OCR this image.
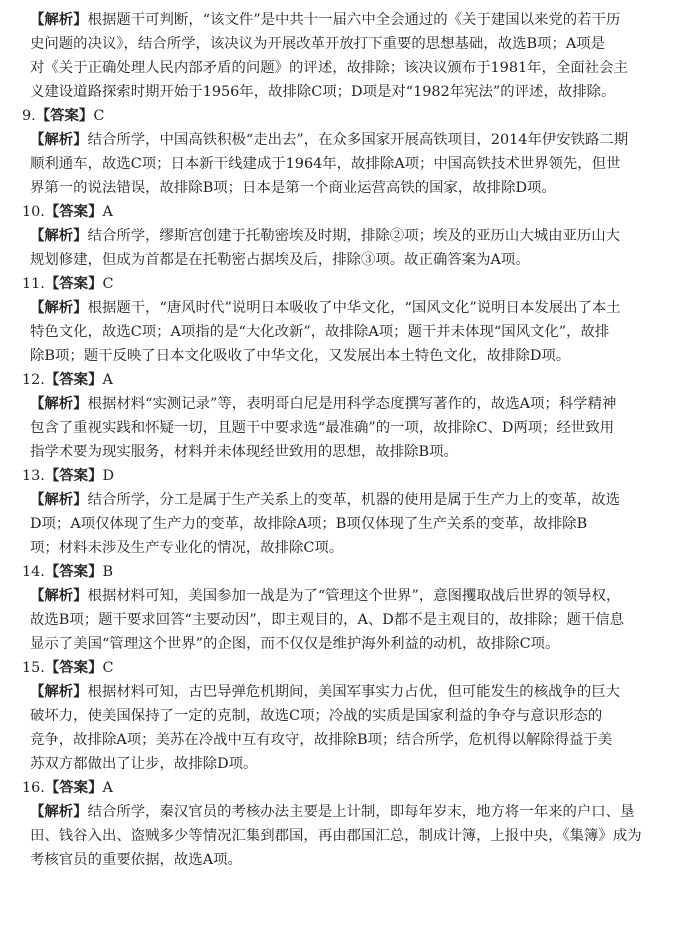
【解析】根据题干可判断，“该文件”是中共十一届六中全会通过的《关于建国以来党的若干历
史问题的决议》，结合所学，该决议为开展改革开放打下重要的思想基础，故选B项；A项是
对《关于正确处理人民内部矛盾的问题》的评述，故排除；该决议颁布于1981年，全面社会主
义建设道路探索时期开始于1956年，故排除C项；D项是对“1982年宪法”的评述，故排除。
9.【答案】C
【解析】结合所学，中国高铁积极“走出去”，在众多国家开展高铁项目，2014年伊安铁路二期
顺利通车，故选C项；日本新干线建成于1964年，故排除A项；中国高铁技术世界领先，但世
界第一的说法错误，故排除B项；日本是第一个商业运营高铁的国家，故排除D项。
10.【答案】A
【解析】结合所学，缪斯宫创建于托勒密埃及时期，排除②项；埃及的亚历山大城由亚历山大
规划修建，但成为首都是在托勒密占据埃及后，排除③项。故正确答案为A项。
11.【答案】C
【解析】根据题干，“唐风时代”说明日本吸收了中华文化，“国风文化”说明日本发展出了本土
特色文化，故选C项；A项指的是“大化改新”，故排除A项；题干并未体现“国风文化”，故排
除B项；题干反映了日本文化吸收了中华文化，又发展出本土特色文化，故排除D项。
12.【答案】A
【解析】根据材料“实测记录”等，表明哥白尼是用科学态度撰写著作的，故选A项；科学精神
包含了重视实践和怀疑一切，且题干中要求选“最准确”的一项，故排除C、D两项；经世致用
指学术要为现实服务，材料并未体现经世致用的思想，故排除B项。
13.【答案】D
【解析】结合所学，分工是属于生产关系上的变革，机器的使用是属于生产力上的变革，故选
D项；A项仅体现了生产力的变革，故排除A项；B项仅体现了生产关系的变革，故排除B
项；材料未涉及生产专业化的情况，故排除C项。
14.【答案】B
【解析】根据材料可知，美国参加一战是为了“管理这个世界”，意图攫取战后世界的领导权，
故选B项；题干要求回答“主要动因”，即主观目的，A、D都不是主观目的，故排除；题干信息
显示了美国“管理这个世界”的企图，而不仅仅是维护海外利益的动机，故排除C项。
15.【答案】C
【解析】根据材料可知，古巴导弹危机期间，美国军事实力占优，但可能发生的核战争的巨大
破坏力，使美国保持了一定的克制，故选C项；冷战的实质是国家利益的争夺与意识形态的
竞争，故排除A项；美苏在冷战中互有攻守，故排除B项；结合所学，危机得以解除得益于美
苏双方都做出了让步，故排除D项。
16.【答案】A
【解析】结合所学，秦汉官员的考核办法主要是上计制，即每年岁末，地方将一年来的户口、垦
田、钱谷入出、盗贼多少等情况汇集到郡国，再由郡国汇总，制成计簿，上报中央，《集簿》成为
考核官员的重要依据，故选A项。
